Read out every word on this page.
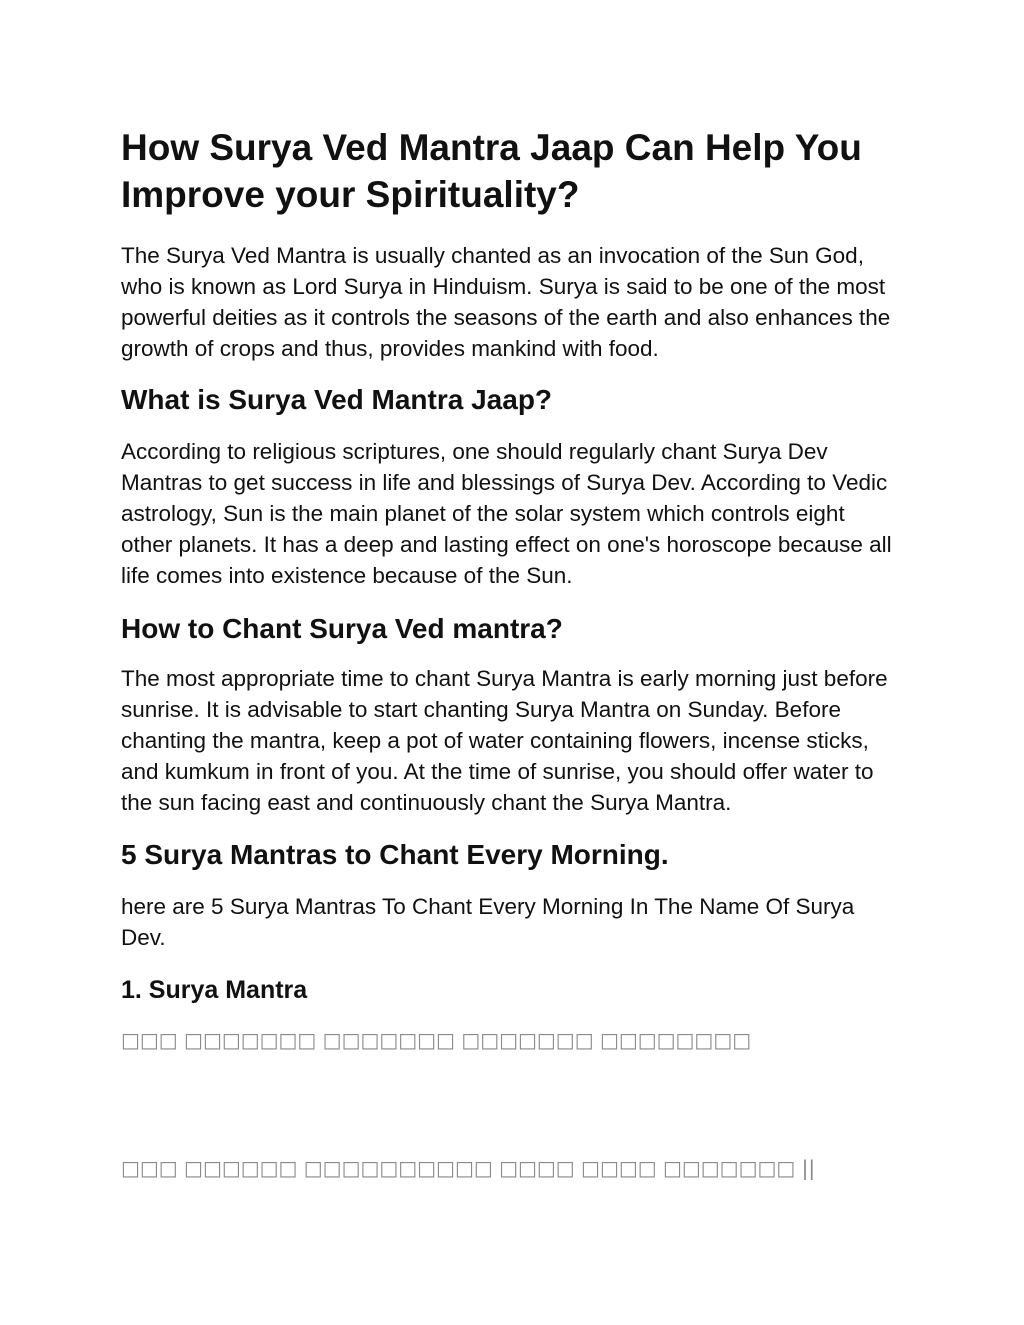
How Surya Ved Mantra Jaap Can Help You Improve your Spirituality?

The Surya Ved Mantra is usually chanted as an invocation of the Sun God, who is known as Lord Surya in Hinduism. Surya is said to be one of the most powerful deities as it controls the seasons of the earth and also enhances the growth of crops and thus, provides mankind with food.

What is Surya Ved Mantra Jaap?

According to religious scriptures, one should regularly chant Surya Dev Mantras to get success in life and blessings of Surya Dev. According to Vedic astrology, Sun is the main planet of the solar system which controls eight other planets. It has a deep and lasting effect on one's horoscope because all life comes into existence because of the Sun.

How to Chant Surya Ved mantra?

The most appropriate time to chant Surya Mantra is early morning just before sunrise. It is advisable to start chanting Surya Mantra on Sunday. Before chanting the mantra, keep a pot of water containing flowers, incense sticks, and kumkum in front of you. At the time of sunrise, you should offer water to the sun facing east and continuously chant the Surya Mantra.

5 Surya Mantras to Chant Every Morning.

here are 5 Surya Mantras To Chant Every Morning In The Name Of Surya Dev.

1. Surya Mantra
□□□ □□□□□□□ □□□□□□□ □□□□□□□ □□□□□□□□
□□□ □□□□□□ □□□□□□□□□□ □□□□ □□□□ □□□□□□□ ||
